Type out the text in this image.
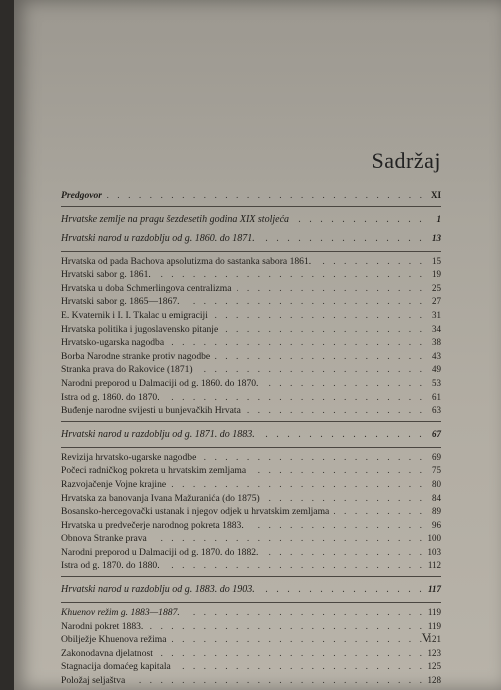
Sadržaj
. . .
Predgovor	XI
. . .
Hrvatske zemlje na pragu šezdesetih godina XIX stoljeća	1
. . .
Hrvatski narod u razdoblju od g. 1860. do 1871.	13
. . .
Hrvatska od pada Bachova apsolutizma do sastanka sabora 1861.	15
. . .
Hrvatski sabor g. 1861.	19
. . .
Hrvatska u doba Schmerlingova centralizma	25
. . .
Hrvatski sabor g. 1865—1867.	27
. . .
E. Kvaternik i I. I. Tkalac u emigraciji	31
. . .
Hrvatska politika i jugoslavensko pitanje	34
. . .
Hrvatsko-ugarska nagodba	38
. . .
Borba Narodne stranke protiv nagodbe	43
. . .
Stranka prava do Rakovice (1871)	49
. . .
Narodni preporod u Dalmaciji od g. 1860. do 1870.	53
. . .
Istra od g. 1860. do 1870.	61
. . .
Buđenje narodne svijesti u bunjevačkih Hrvata	63
. . .
Hrvatski narod u razdoblju od g. 1871. do 1883.	67
. . .
Revizija hrvatsko-ugarske nagodbe	69
. . .
Počeci radničkog pokreta u hrvatskim zemljama	75
. . .
Razvojačenje Vojne krajine	80
. . .
Hrvatska za banovanja Ivana Mažuranića (do 1875)	84
. . .
Bosansko-hercegovački ustanak i njegov odjek u hrvatskim zemljama	89
. . .
Hrvatska u predvečerje narodnog pokreta 1883.	96
. . .
Obnova Stranke prava	100
. . .
Narodni preporod u Dalmaciji od g. 1870. do 1882.	103
. . .
Istra od g. 1870. do 1880.	112
. . .
Hrvatski narod u razdoblju od g. 1883. do 1903.	117
. . .
Khuenov režim g. 1883—1887.	119
. . .
Narodni pokret 1883.	119
. . .
Obilježje Khuenova režima	121
. . .
Zakonodavna djelatnost	123
. . .
Stagnacija domaćeg kapitala	125
. . .
Položaj seljaštva	128
V
